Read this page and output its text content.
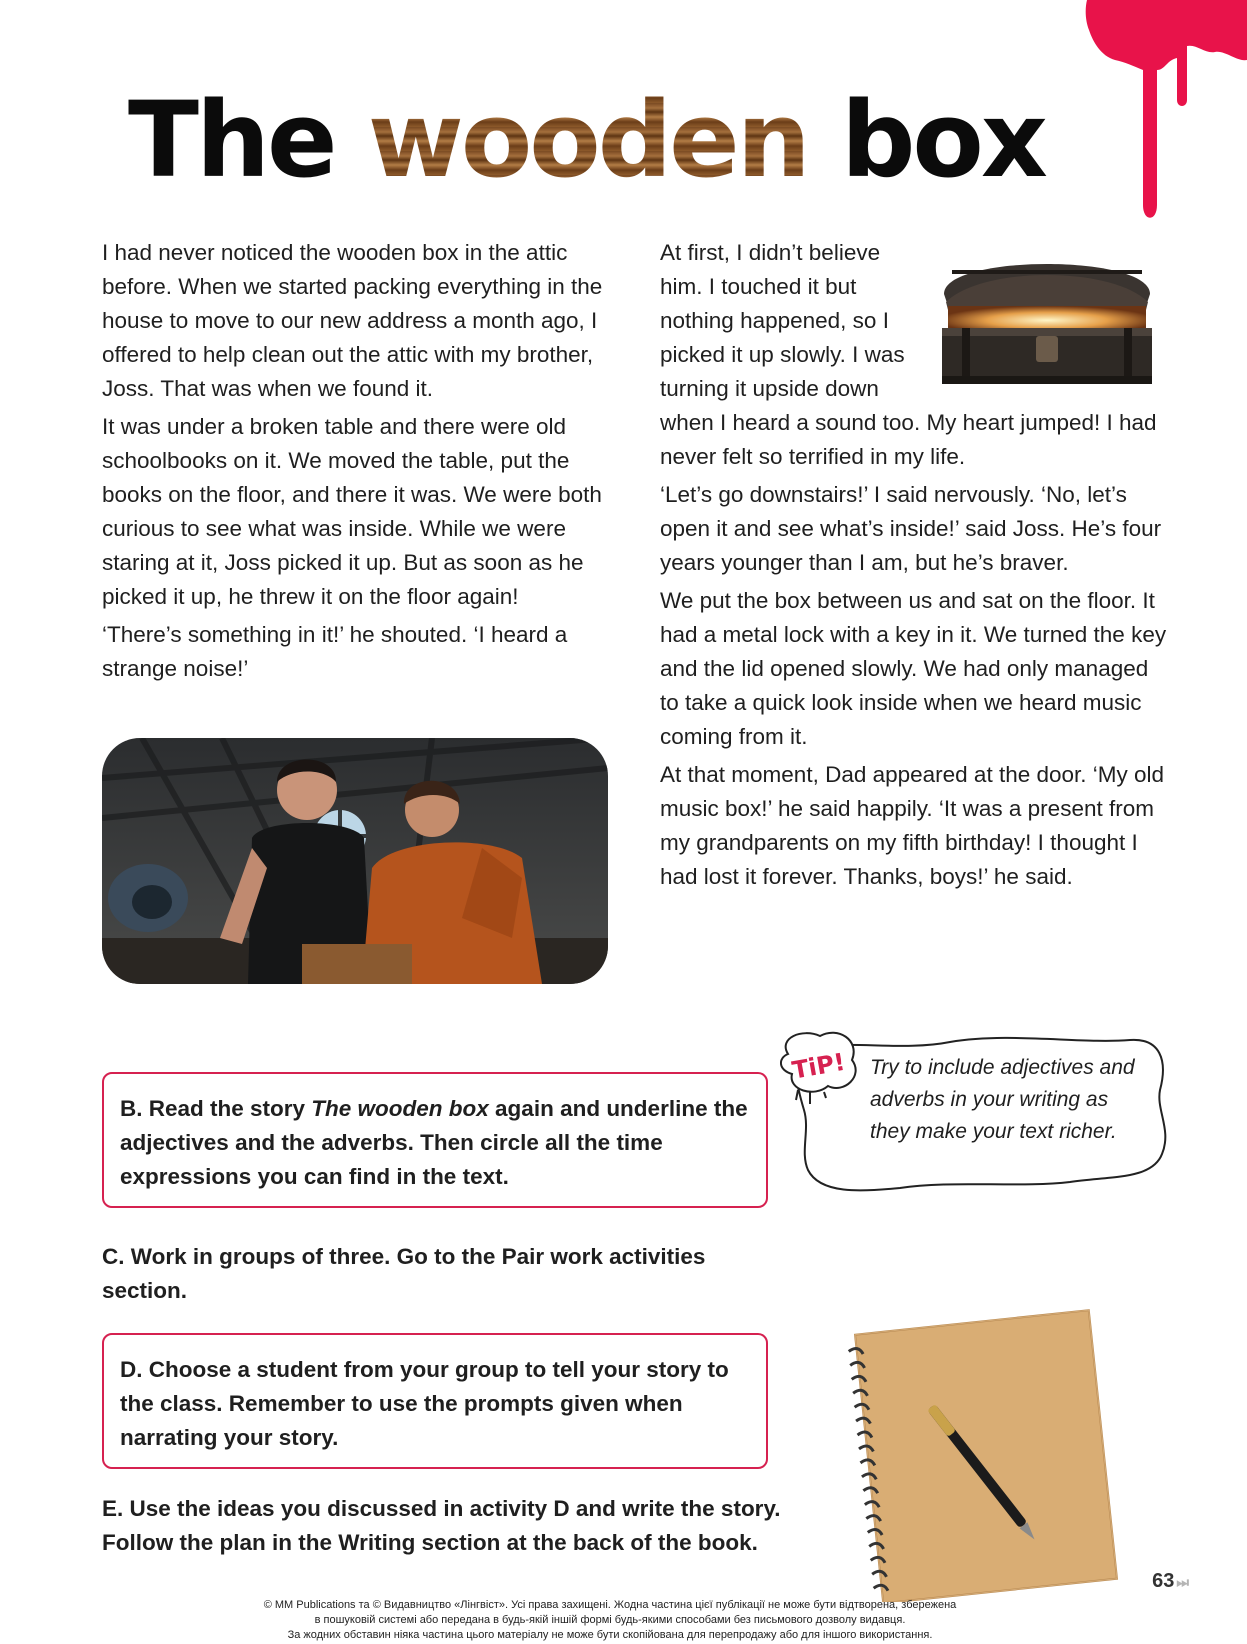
The wooden box

I had never noticed the wooden box in the attic before. When we started packing everything in the house to move to our new address a month ago, I offered to help clean out the attic with my brother, Joss. That was when we found it.

It was under a broken table and there were old schoolbooks on it. We moved the table, put the books on the floor, and there it was. We were both curious to see what was inside. While we were staring at it, Joss picked it up. But as soon as he picked it up, he threw it on the floor again!

‘There’s something in it!’ he shouted. ‘I heard a strange noise!’

At first, I didn’t believe him. I touched it but nothing happened, so I picked it up slowly. I was turning it upside down when I heard a sound too. My heart jumped! I had never felt so terrified in my life.

‘Let’s go downstairs!’ I said nervously. ‘No, let’s open it and see what’s inside!’ said Joss. He’s four years younger than I am, but he’s braver.

We put the box between us and sat on the floor. It had a metal lock with a key in it. We turned the key and the lid opened slowly. We had only managed to take a quick look inside when we heard music coming from it.

At that moment, Dad appeared at the door. ‘My old music box!’ he said happily. ‘It was a present from my grandparents on my fifth birthday! I thought I had lost it forever. Thanks, boys!’ he said.

TiP! Try to include adjectives and adverbs in your writing as they make your text richer.
B. Read the story The wooden box again and underline the adjectives and the adverbs. Then circle all the time expressions you can find in the text.
C. Work in groups of three. Go to the Pair work activities section.
D. Choose a student from your group to tell your story to the class. Remember to use the prompts given when narrating your story.
E. Use the ideas you discussed in activity D and write the story. Follow the plan in the Writing section at the back of the book.
63 ⏭
© MM Publications та © Видавництво «Лінгвіст». Усі права захищені. Жодна частина цієї публікації не може бути відтворена, збережена
в пошуковій системі або передана в будь-якій іншій формі будь-якими способами без письмового дозволу видавця.
За жодних обставин ніяка частина цього матеріалу не може бути скопійована для перепродажу або для іншого використання.
